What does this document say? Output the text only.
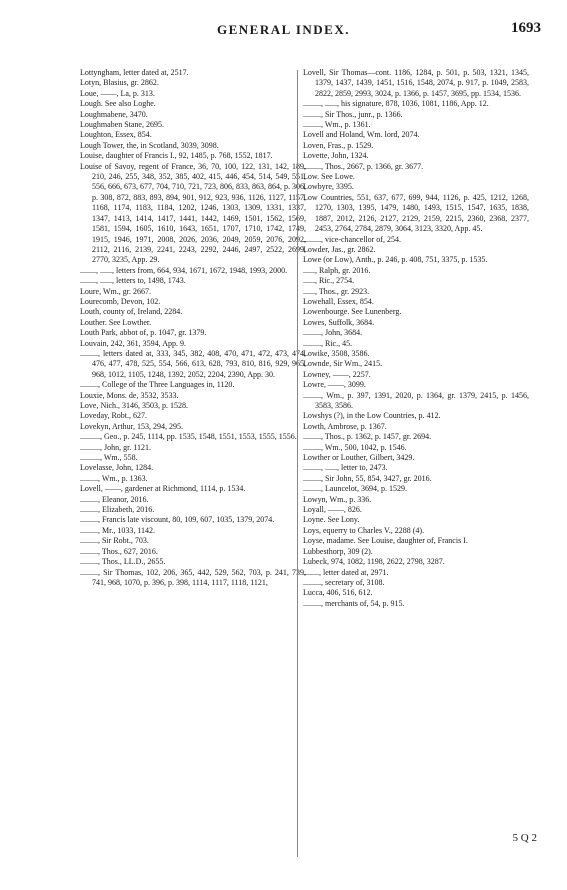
GENERAL INDEX.	1693

Lottyngham, letter dated at, 2517.

Lotyn, Blasius, gr. 2862.

Loue, ——, La, p. 313.

Lough. See also Loghe.

Loughmabene, 3470.

Loughmaben Stane, 2695.

Loughton, Essex, 854.

Lough Tower, the, in Scotland, 3039, 3098.

Louise, daughter of Francis I., 92, 1485, p. 768, 1552, 1817.

Louise of Savoy, regent of France, 36, 70, 100, 122, 131, 142, 189, 210, 246, 255, 348, 352, 385, 402, 415, 446, 454, 514, 549, 551, 556, 666, 673, 677, 704, 710, 721, 723, 806, 833, 863, 864, p. 306, p. 308, 872, 883, 893, 894, 901, 912, 923, 936, 1126, 1127, 1157, 1168, 1174, 1183, 1184, 1202, 1246, 1303, 1309, 1331, 1337, 1347, 1413, 1414, 1417, 1441, 1442, 1469, 1501, 1562, 1569, 1581, 1594, 1605, 1610, 1643, 1651, 1707, 1710, 1742, 1749, 1915, 1946, 1971, 2008, 2026, 2036, 2049, 2059, 2076, 2092, 2112, 2116, 2139, 2241, 2243, 2292, 2446, 2497, 2522, 2699, 2770, 3235, App. 29.

........, ......, letters from, 664, 934, 1671, 1672, 1948, 1993, 2000.

........, ......, letters to, 1498, 1743.

Loure, Wm., gr. 2667.

Lourecomb, Devon, 102.

Louth, county of, Ireland, 2284.

Louther. See Lowther.

Louth Park, abbot of, p. 1047, gr. 1379.

Louvain, 242, 361, 3594, App. 9.

........., letters dated at, 333, 345, 382, 408, 470, 471, 472, 473, 474, 476, 477, 478, 525, 554, 566, 613, 628, 793, 810, 816, 929, 965, 968, 1012, 1105, 1248, 1392, 2052, 2204, 2390, App. 30.

........., College of the Three Languages in, 1120.

Louxie, Mons. de, 3532, 3533.

Love, Nich., 3146, 3503, p. 1528.

Loveday, Robt., 627.

Lovekyn, Arthur, 153, 294, 295.

.........., Geo., p. 245, 1114, pp. 1535, 1548, 1551, 1553, 1555, 1556.

.........., John, gr. 1121.

.........., Wm., 558.

Lovelasse, John, 1284.

........., Wm., p. 1363.

Lovell, ——, gardener at Richmond, 1114, p. 1534.

........., Eleanor, 2016.

........., Elizabeth, 2016.

........., Francis late viscount, 80, 109, 607, 1035, 1379, 2074.

........., Mr., 1033, 1142.

........., Sir Robt., 703.

........., Thos., 627, 2016.

........., Thos., LL.D., 2655.

........., Sir Thomas, 102, 206, 365, 442, 529, 562, 703, p. 241, 739, 741, 968, 1070, p. 396, p. 398, 1114, 1117, 1118, 1121,

Lovell, Sir Thomas—cont. 1186, 1284, p. 501, p. 503, 1321, 1345, 1379, 1437, 1439, 1451, 1516, 1548, 2074, p. 917, p. 1049, 2583, 2822, 2859, 2993, 3024, p. 1366, p. 1457, 3695, pp. 1534, 1536.

........., ......, his signature, 878, 1036, 1081, 1186, App. 12.

........., Sir Thos., junr., p. 1366.

........., Wm., p. 1361.

Lovell and Holand, Wm. lord, 2074.

Loven, Fras., p. 1529.

Lovette, John, 1324.

........., Thos., 2667, p. 1366, gr. 3677.

Low. See Lowe.

Lowbyre, 3395.

Low Countries, 551, 637, 677, 699, 944, 1126, p. 425, 1212, 1268, 1270, 1303, 1395, 1479, 1480, 1493, 1515, 1547, 1635, 1838, 1887, 2012, 2126, 2127, 2129, 2159, 2215, 2360, 2368, 2377, 2453, 2764, 2784, 2879, 3064, 3123, 3320, App. 45.

........., vice-chancellor of, 254.

Lowder, Jas., gr. 2862.

Lowe (or Low), Anth., p. 246, p. 408, 751, 3375, p. 1535.

......, Ralph, gr. 2016.

......, Ric., 2754.

......, Thos., gr. 2923.

Lowehall, Essex, 854.

Lowenbourge. See Lunenberg.

Lowes, Suffolk, 3684.

........., John, 3684.

........., Ric., 45.

Lowike, 3508, 3586.

Lownde, Sir Wm., 2415.

Lowney, ——, 2257.

Lowre, ——, 3099.

........., Wm., p. 397, 1391, 2020, p. 1364, gr. 1379, 2415, p. 1456, 3583, 3586.

Lowshys (?), in the Low Countries, p. 412.

Lowth, Ambrose, p. 1367.

........., Thos., p. 1362, p. 1457, gr. 2694.

........., Wm., 500, 1042, p. 1546.

Lowther or Louther, Gilbert, 3429.

........., ......, letter to, 2473.

........., Sir John, 55, 854, 3427, gr. 2016.

........., Launcelot, 3694, p. 1529.

Lowyn, Wm., p. 336.

Loyall, ——, 826.

Loyne. See Lony.

Loys, equerry to Charles V., 2288 (4).

Loyse, madame. See Louise, daughter of, Francis I.

Lubbesthorp, 309 (2).

Lubeck, 974, 1082, 1198, 2622, 2798, 3287.

........, letter dated at, 2971.

........., secretary of, 3108.

Lucca, 406, 516, 612.

........., merchants of, 54, p. 915.

5 Q 2
